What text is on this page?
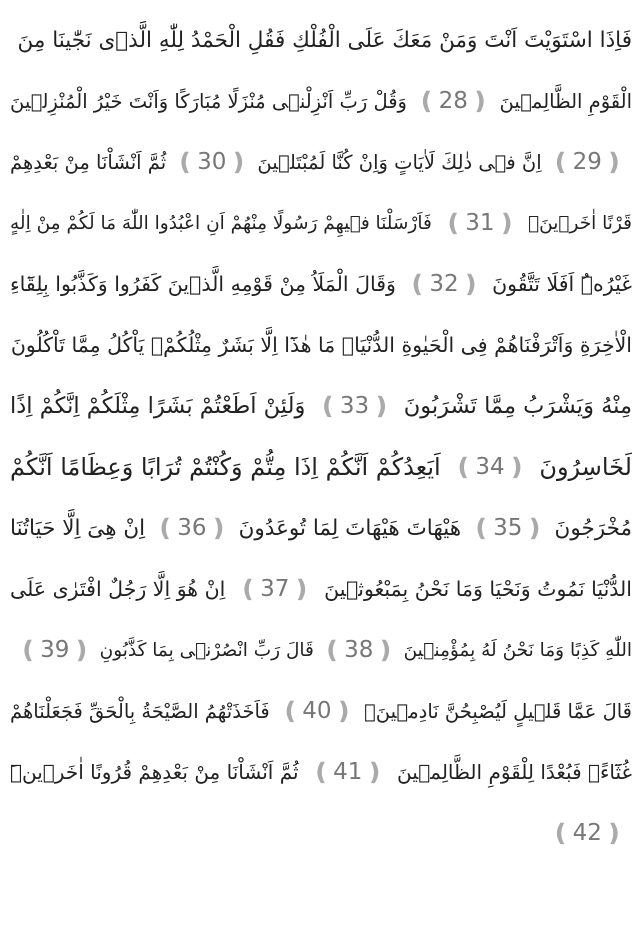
فَاِذَا اسْتَوَيْتَ اَنْتَ وَمَنْ مَعَكَ عَلَى الْفُلْكِ فَقُلِ الْحَمْدُ لِلّٰهِ الَّذٖى نَجّٰينَا مِنَ
الْقَوْمِ الظَّالِمٖينَ
❪ 28 ❫
وَقُلْ رَبِّ اَنْزِلْنٖى مُنْزَلًا مُبَارَكًا وَاَنْتَ خَيْرُ الْمُنْزِلٖينَ
❪ 29 ❫
اِنَّ فٖى ذٰلِكَ لَاٰيَاتٍ وَاِنْ كُنَّا لَمُبْتَلٖينَ
❪ 30 ❫
ثُمَّ اَنْشَاْنَا مِنْ بَعْدِهِمْ
قَرْنًا اٰخَرٖينَۚ
❪ 31 ❫
فَاَرْسَلْنَا فٖيهِمْ رَسُولًا مِنْهُمْ اَنِ اعْبُدُوا اللّٰهَ مَا لَكُمْ مِنْ اِلٰهٍ
غَيْرُهُۜ اَفَلَا تَتَّقُونَ
❪ 32 ❫
وَقَالَ الْمَلَاُ مِنْ قَوْمِهِ الَّذٖينَ كَفَرُوا وَكَذَّبُوا بِلِقَٓاءِ
الْاٰخِرَةِ وَاَتْرَفْنَاهُمْ فِى الْحَيٰوةِ الدُّنْيَاۙ مَا هٰذَٓا اِلَّا بَشَرٌ مِثْلُكُمْۙ يَاْكُلُ مِمَّا تَاْكُلُونَ
مِنْهُ وَيَشْرَبُ مِمَّا تَشْرَبُونَ
❪ 33 ❫
وَلَئِنْ اَطَعْتُمْ بَشَرًا مِثْلَكُمْ اِنَّكُمْ اِذًا
لَخَاسِرُونَ
❪ 34 ❫
اَيَعِدُكُمْ اَنَّكُمْ اِذَا مِتُّمْ وَكُنْتُمْ تُرَابًا وَعِظَامًا اَنَّكُمْ
مُخْرَجُونَ
❪ 35 ❫
هَيْهَاتَ هَيْهَاتَ لِمَا تُوعَدُونَ
❪ 36 ❫
اِنْ هِىَ اِلَّا حَيَاتُنَا
الدُّنْيَا نَمُوتُ وَنَحْيَا وَمَا نَحْنُ بِمَبْعُوثٖينَ
❪ 37 ❫
اِنْ هُوَ اِلَّا رَجُلٌ افْتَرٰى عَلَى
اللّٰهِ كَذِبًا وَمَا نَحْنُ لَهُ بِمُؤْمِنٖينَ
❪ 38 ❫
قَالَ رَبِّ انْصُرْنٖى بِمَا كَذَّبُونِ
❪ 39 ❫
قَالَ عَمَّا قَلٖيلٍ لَيُصْبِحُنَّ نَادِمٖينَۚ
❪ 40 ❫
فَاَخَذَتْهُمُ الصَّيْحَةُ بِالْحَقِّ فَجَعَلْنَاهُمْ
غُثَٓاءًۚ فَبُعْدًا لِلْقَوْمِ الظَّالِمٖينَ
❪ 41 ❫
ثُمَّ اَنْشَاْنَا مِنْ بَعْدِهِمْ قُرُونًا اٰخَرٖينَۜ
❪ 42 ❫
